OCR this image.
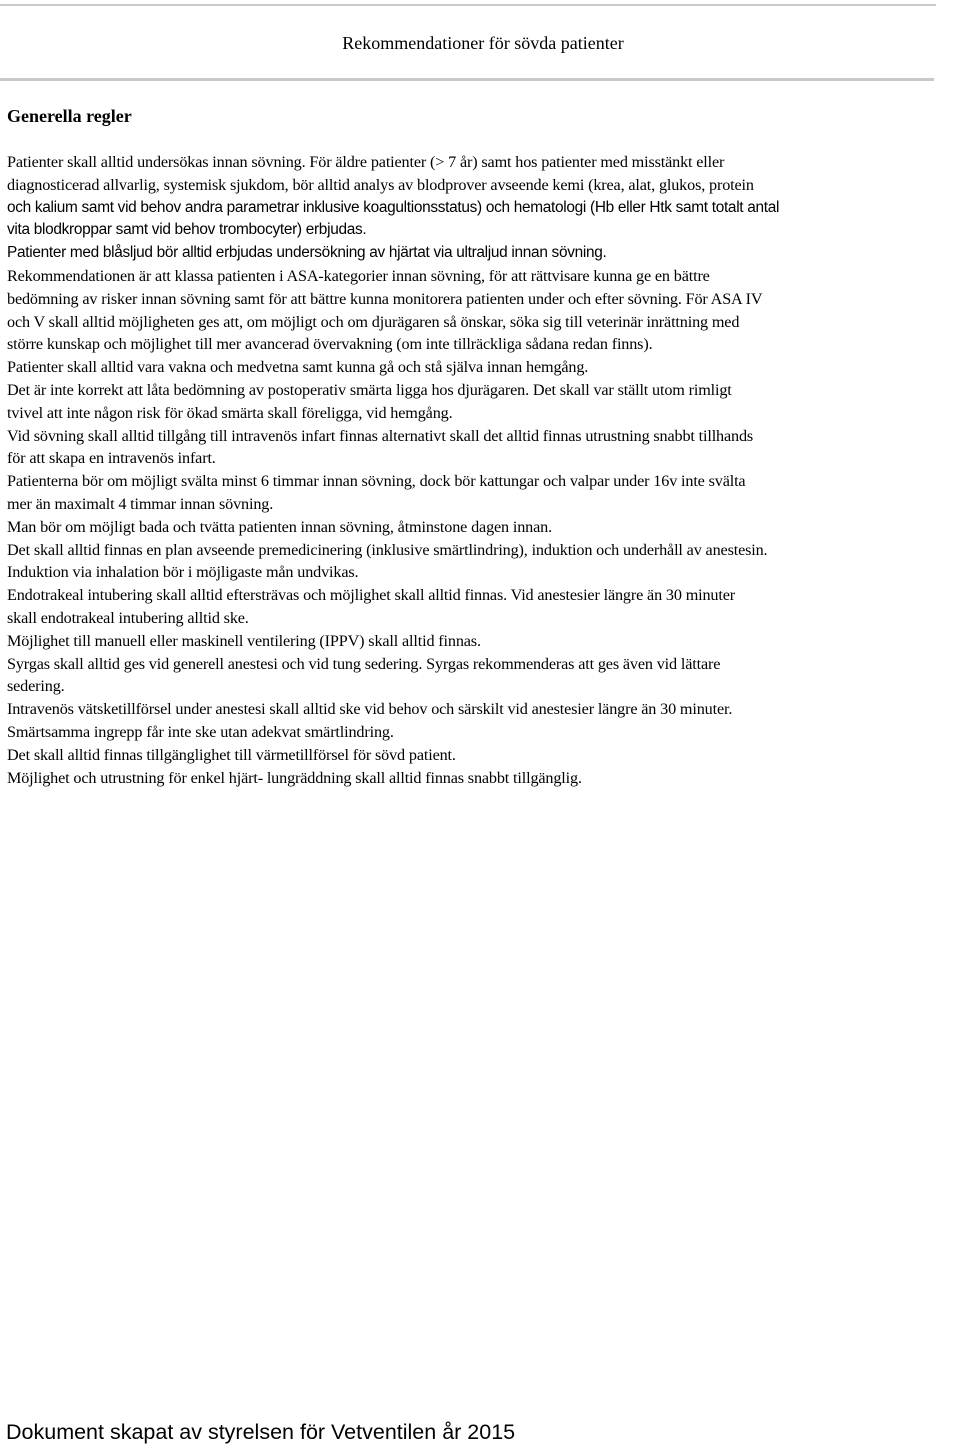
Rekommendationer för sövda patienter
Generella regler
Patienter skall alltid undersökas innan sövning. För äldre patienter (> 7 år) samt hos patienter med misstänkt eller
diagnosticerad allvarlig, systemisk sjukdom, bör alltid analys av blodprover avseende kemi (krea, alat, glukos, protein
och kalium samt vid behov andra parametrar inklusive koagultionsstatus) och hematologi (Hb eller Htk samt totalt antal
vita blodkroppar samt vid behov trombocyter) erbjudas.
Patienter med blåsljud bör alltid erbjudas undersökning av hjärtat via ultraljud innan sövning.
Rekommendationen är att klassa patienten i ASA-kategorier innan sövning, för att rättvisare kunna ge en bättre
bedömning av risker innan sövning samt för att bättre kunna monitorera patienten under och efter sövning. För ASA IV
och V skall alltid möjligheten ges att, om möjligt och om djurägaren så önskar, söka sig till veterinär inrättning med
större kunskap och möjlighet till mer avancerad övervakning (om inte tillräckliga sådana redan finns).
Patienter skall alltid vara vakna och medvetna samt kunna gå och stå själva innan hemgång.
Det är inte korrekt att låta bedömning av postoperativ smärta ligga hos djurägaren. Det skall var ställt utom rimligt
tvivel att inte någon risk för ökad smärta skall föreligga, vid hemgång.
Vid sövning skall alltid tillgång till intravenös infart finnas alternativt skall det alltid finnas utrustning snabbt tillhands
för att skapa en intravenös infart.
Patienterna bör om möjligt svälta minst 6 timmar innan sövning, dock bör kattungar och valpar under 16v inte svälta
mer än maximalt 4 timmar innan sövning.
Man bör om möjligt bada och tvätta patienten innan sövning, åtminstone dagen innan.
Det skall alltid finnas en plan avseende premedicinering (inklusive smärtlindring), induktion och underhåll av anestesin.
Induktion via inhalation bör i möjligaste mån undvikas.
Endotrakeal intubering skall alltid eftersträvas och möjlighet skall alltid finnas. Vid anestesier längre än 30 minuter
skall endotrakeal intubering alltid ske.
Möjlighet till manuell eller maskinell ventilering (IPPV) skall alltid finnas.
Syrgas skall alltid ges vid generell anestesi och vid tung sedering. Syrgas rekommenderas att ges även vid lättare
sedering.
Intravenös vätsketillförsel under anestesi skall alltid ske vid behov och särskilt vid anestesier längre än 30 minuter.
Smärtsamma ingrepp får inte ske utan adekvat smärtlindring.
Det skall alltid finnas tillgänglighet till värmetillförsel för sövd patient.
Möjlighet och utrustning för enkel hjärt- lungräddning skall alltid finnas snabbt tillgänglig.
Dokument skapat av styrelsen för Vetventilen år 2015
